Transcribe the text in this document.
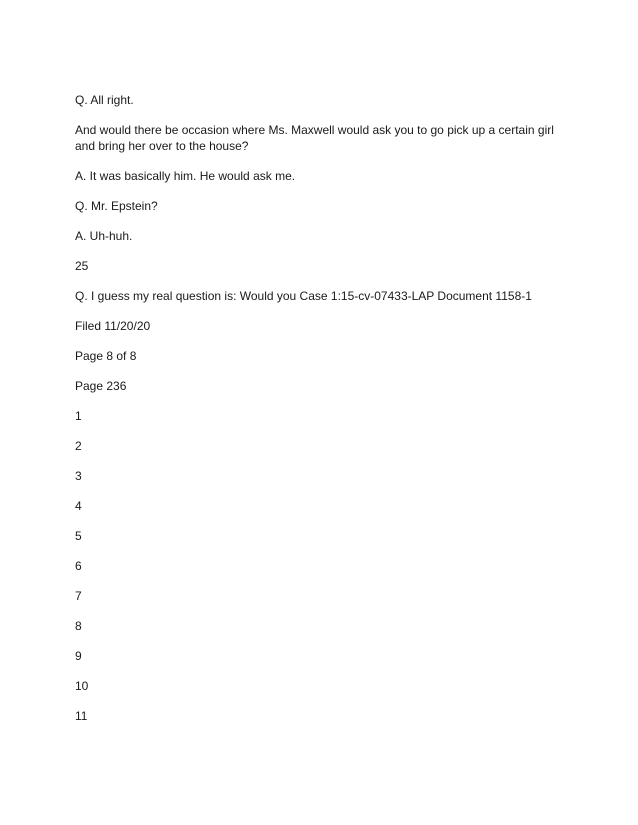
Q. All right.

And would there be occasion where Ms. Maxwell would ask you to go pick up a certain girl and bring her over to the house?

A. It was basically him. He would ask me.

Q. Mr. Epstein?

A. Uh-huh.

25

Q. I guess my real question is: Would you Case 1:15-cv-07433-LAP Document 1158-1

Filed 11/20/20

Page 8 of 8

Page 236

1

2

3

4

5

6

7

8

9

10

11
